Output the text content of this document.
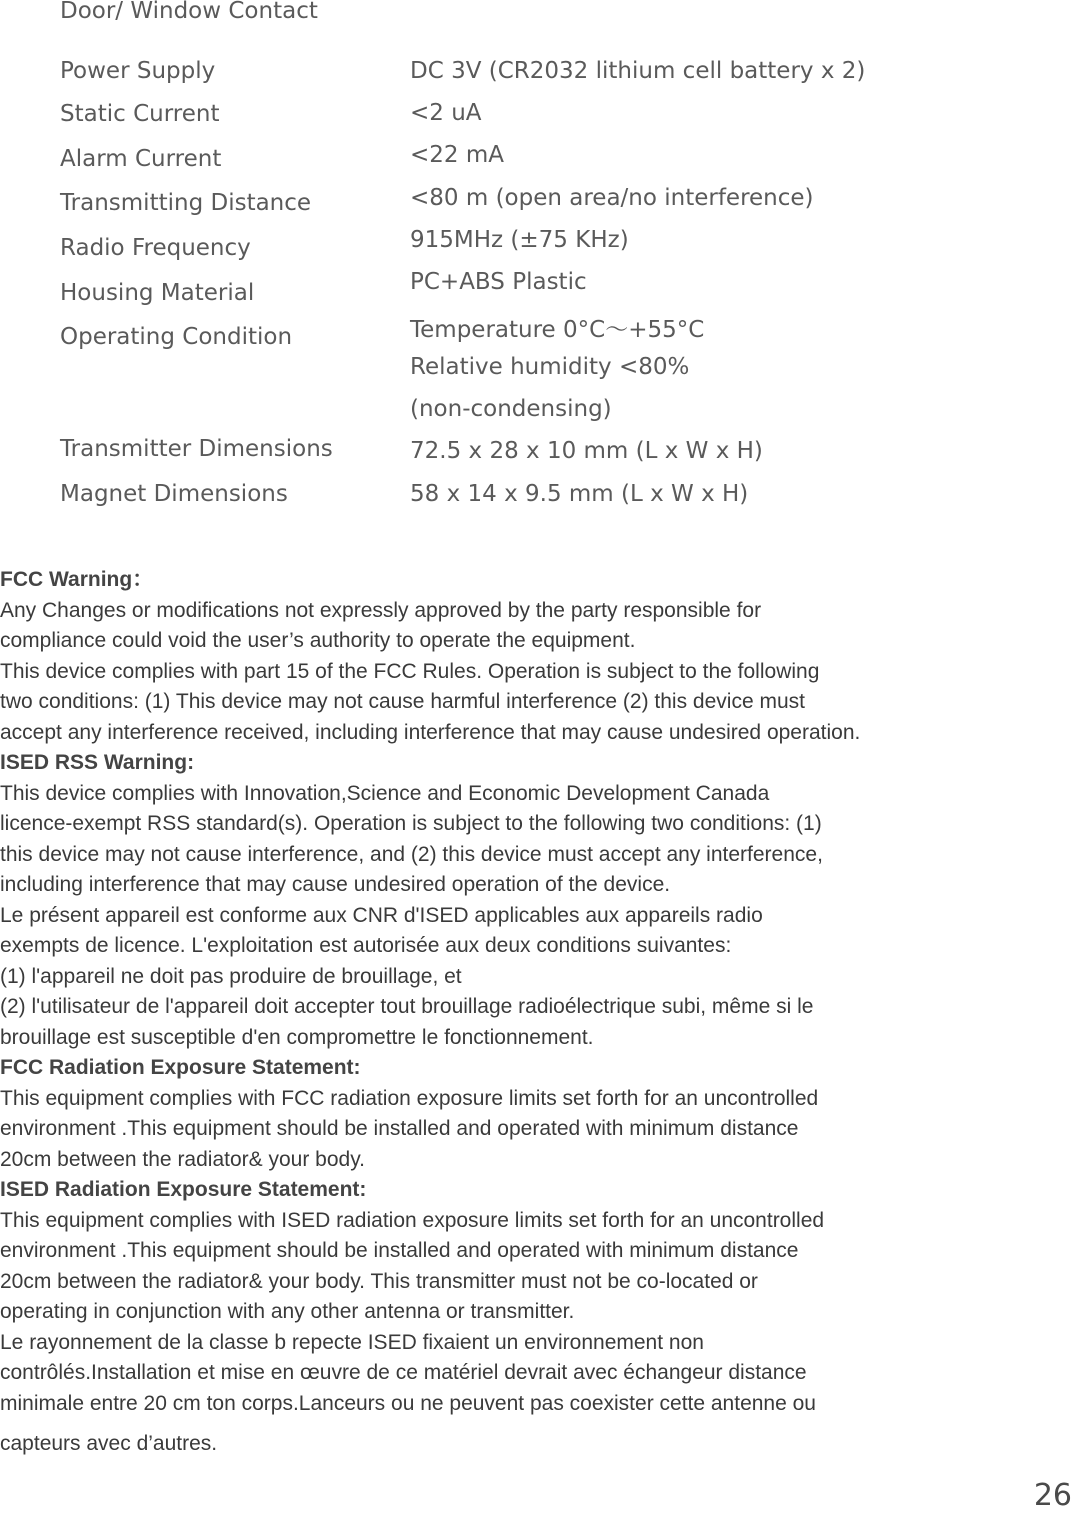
Door/ Window Contact
Power Supply	DC 3V (CR2032 lithium cell battery x 2)
Static Current	<2 uA
Alarm Current	<22 mA
Transmitting Distance	<80 m (open area/no interference)
Radio Frequency	915MHz (±75 KHz)
Housing Material	PC+ABS Plastic
Operating Condition	Temperature 0°C～+55°C
Relative humidity <80%
(non-condensing)
Transmitter Dimensions	72.5 x 28 x 10 mm (L x W x H)
Magnet Dimensions	58 x 14 x 9.5 mm (L x W x H)

FCC Warning：

Any Changes or modifications not expressly approved by the party responsible for

compliance could void the user’s authority to operate the equipment.

This device complies with part 15 of the FCC Rules. Operation is subject to the following

two conditions: (1) This device may not cause harmful interference (2) this device must

accept any interference received, including interference that may cause undesired operation.

ISED RSS Warning:

This device complies with Innovation,Science and Economic Development Canada

licence-exempt RSS standard(s). Operation is subject to the following two conditions: (1)

this device may not cause interference, and (2) this device must accept any interference,

including interference that may cause undesired operation of the device.

Le présent appareil est conforme aux CNR d'ISED applicables aux appareils radio

exempts de licence. L'exploitation est autorisée aux deux conditions suivantes:

(1) l'appareil ne doit pas produire de brouillage, et

(2) l'utilisateur de l'appareil doit accepter tout brouillage radioélectrique subi, même si le

brouillage est susceptible d'en compromettre le fonctionnement.

FCC Radiation Exposure Statement:

This equipment complies with FCC radiation exposure limits set forth for an uncontrolled

environment .This equipment should be installed and operated with minimum distance

20cm between the radiator& your body.

ISED Radiation Exposure Statement:

This equipment complies with ISED radiation exposure limits set forth for an uncontrolled

environment .This equipment should be installed and operated with minimum distance

20cm between the radiator& your body. This transmitter must not be co-located or

operating in conjunction with any other antenna or transmitter.

Le rayonnement de la classe b repecte ISED fixaient un environnement non

contrôlés.Installation et mise en œuvre de ce matériel devrait avec échangeur distance

minimale entre 20 cm ton corps.Lanceurs ou ne peuvent pas coexister cette antenne ou

capteurs avec d’autres.

26
